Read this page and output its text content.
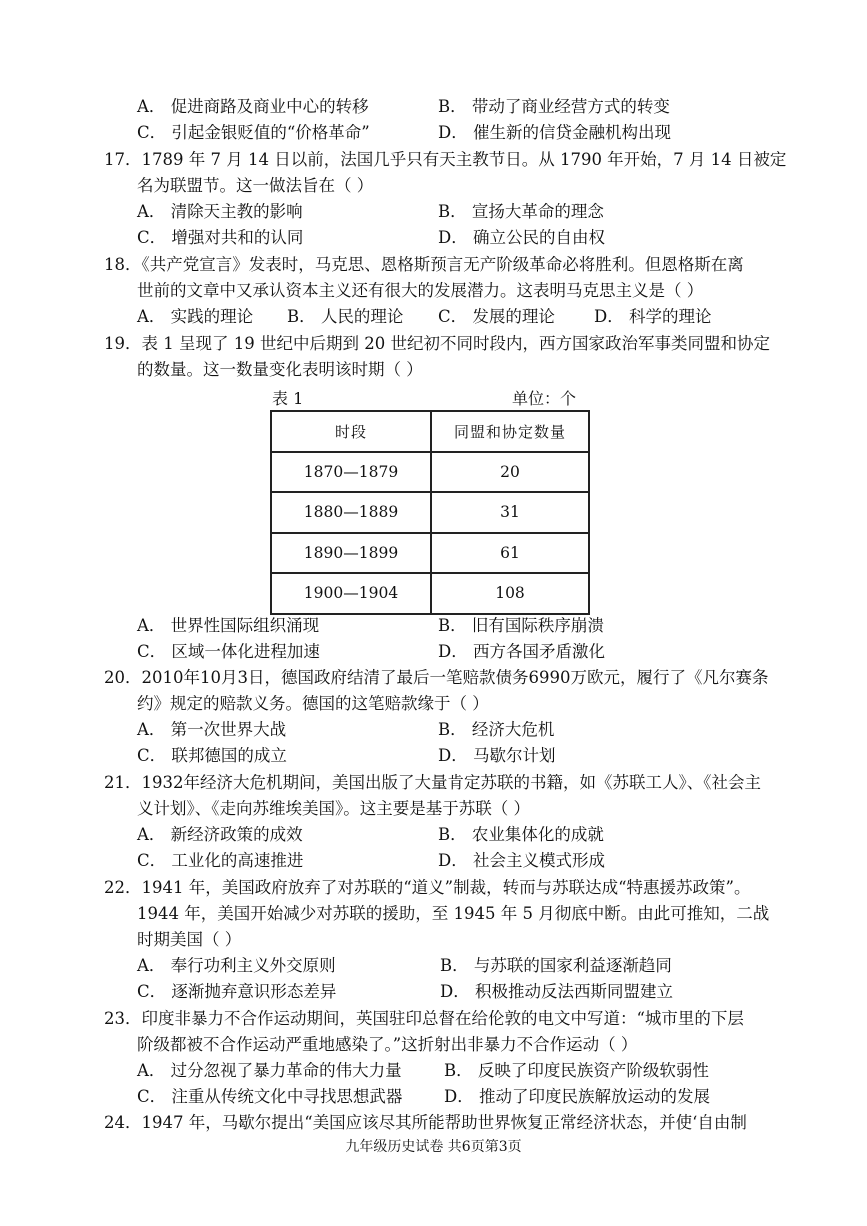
A． 促进商路及商业中心的转移	B． 带动了商业经营方式的转变
C． 引起金银贬值的“价格革命”	D． 催生新的信贷金融机构出现
17．1789 年 7 月 14 日以前，法国几乎只有天主教节日。从 1790 年开始，7 月 14 日被定
名为联盟节。这一做法旨在（ ）
A． 清除天主教的影响	B． 宣扬大革命的理念
C． 增强对共和的认同	D． 确立公民的自由权
18．《共产党宣言》发表时，马克思、恩格斯预言无产阶级革命必将胜利。但恩格斯在离
世前的文章中又承认资本主义还有很大的发展潜力。这表明马克思主义是（ ）
A． 实践的理论 B． 人民的理论 C． 发展的理论 D． 科学的理论
19．表 1 呈现了 19 世纪中后期到 20 世纪初不同时段内，西方国家政治军事类同盟和协定
的数量。这一数量变化表明该时期（ ）
表 1	单位：个
时段	同盟和协定数量
1870—1879	20
1880—1889	31
1890—1899	61
1900—1904	108
A． 世界性国际组织涌现	B． 旧有国际秩序崩溃
C． 区域一体化进程加速	D． 西方各国矛盾激化
20．2010年10月3日，德国政府结清了最后一笔赔款债务6990万欧元，履行了《凡尔赛条
约》规定的赔款义务。德国的这笔赔款缘于（ ）
A． 第一次世界大战	B． 经济大危机
C． 联邦德国的成立	D． 马歇尔计划
21．1932年经济大危机期间，美国出版了大量肯定苏联的书籍，如《苏联工人》、《社会主
义计划》、《走向苏维埃美国》。这主要是基于苏联（ ）
A． 新经济政策的成效	B． 农业集体化的成就
C． 工业化的高速推进	D． 社会主义模式形成
22．1941 年，美国政府放弃了对苏联的“道义”制裁，转而与苏联达成“特惠援苏政策”。
1944 年，美国开始减少对苏联的援助，至 1945 年 5 月彻底中断。由此可推知，二战
时期美国（ ）
A． 奉行功利主义外交原则	B． 与苏联的国家利益逐渐趋同
C． 逐渐抛弃意识形态差异	D． 积极推动反法西斯同盟建立
23．印度非暴力不合作运动期间，英国驻印总督在给伦敦的电文中写道：“城市里的下层
阶级都被不合作运动严重地感染了。”这折射出非暴力不合作运动（ ）
A． 过分忽视了暴力革命的伟大力量	B． 反映了印度民族资产阶级软弱性
C． 注重从传统文化中寻找思想武器	D． 推动了印度民族解放运动的发展
24．1947 年，马歇尔提出“美国应该尽其所能帮助世界恢复正常经济状态，并使‘自由制
九年级历史试卷 共6页第3页
